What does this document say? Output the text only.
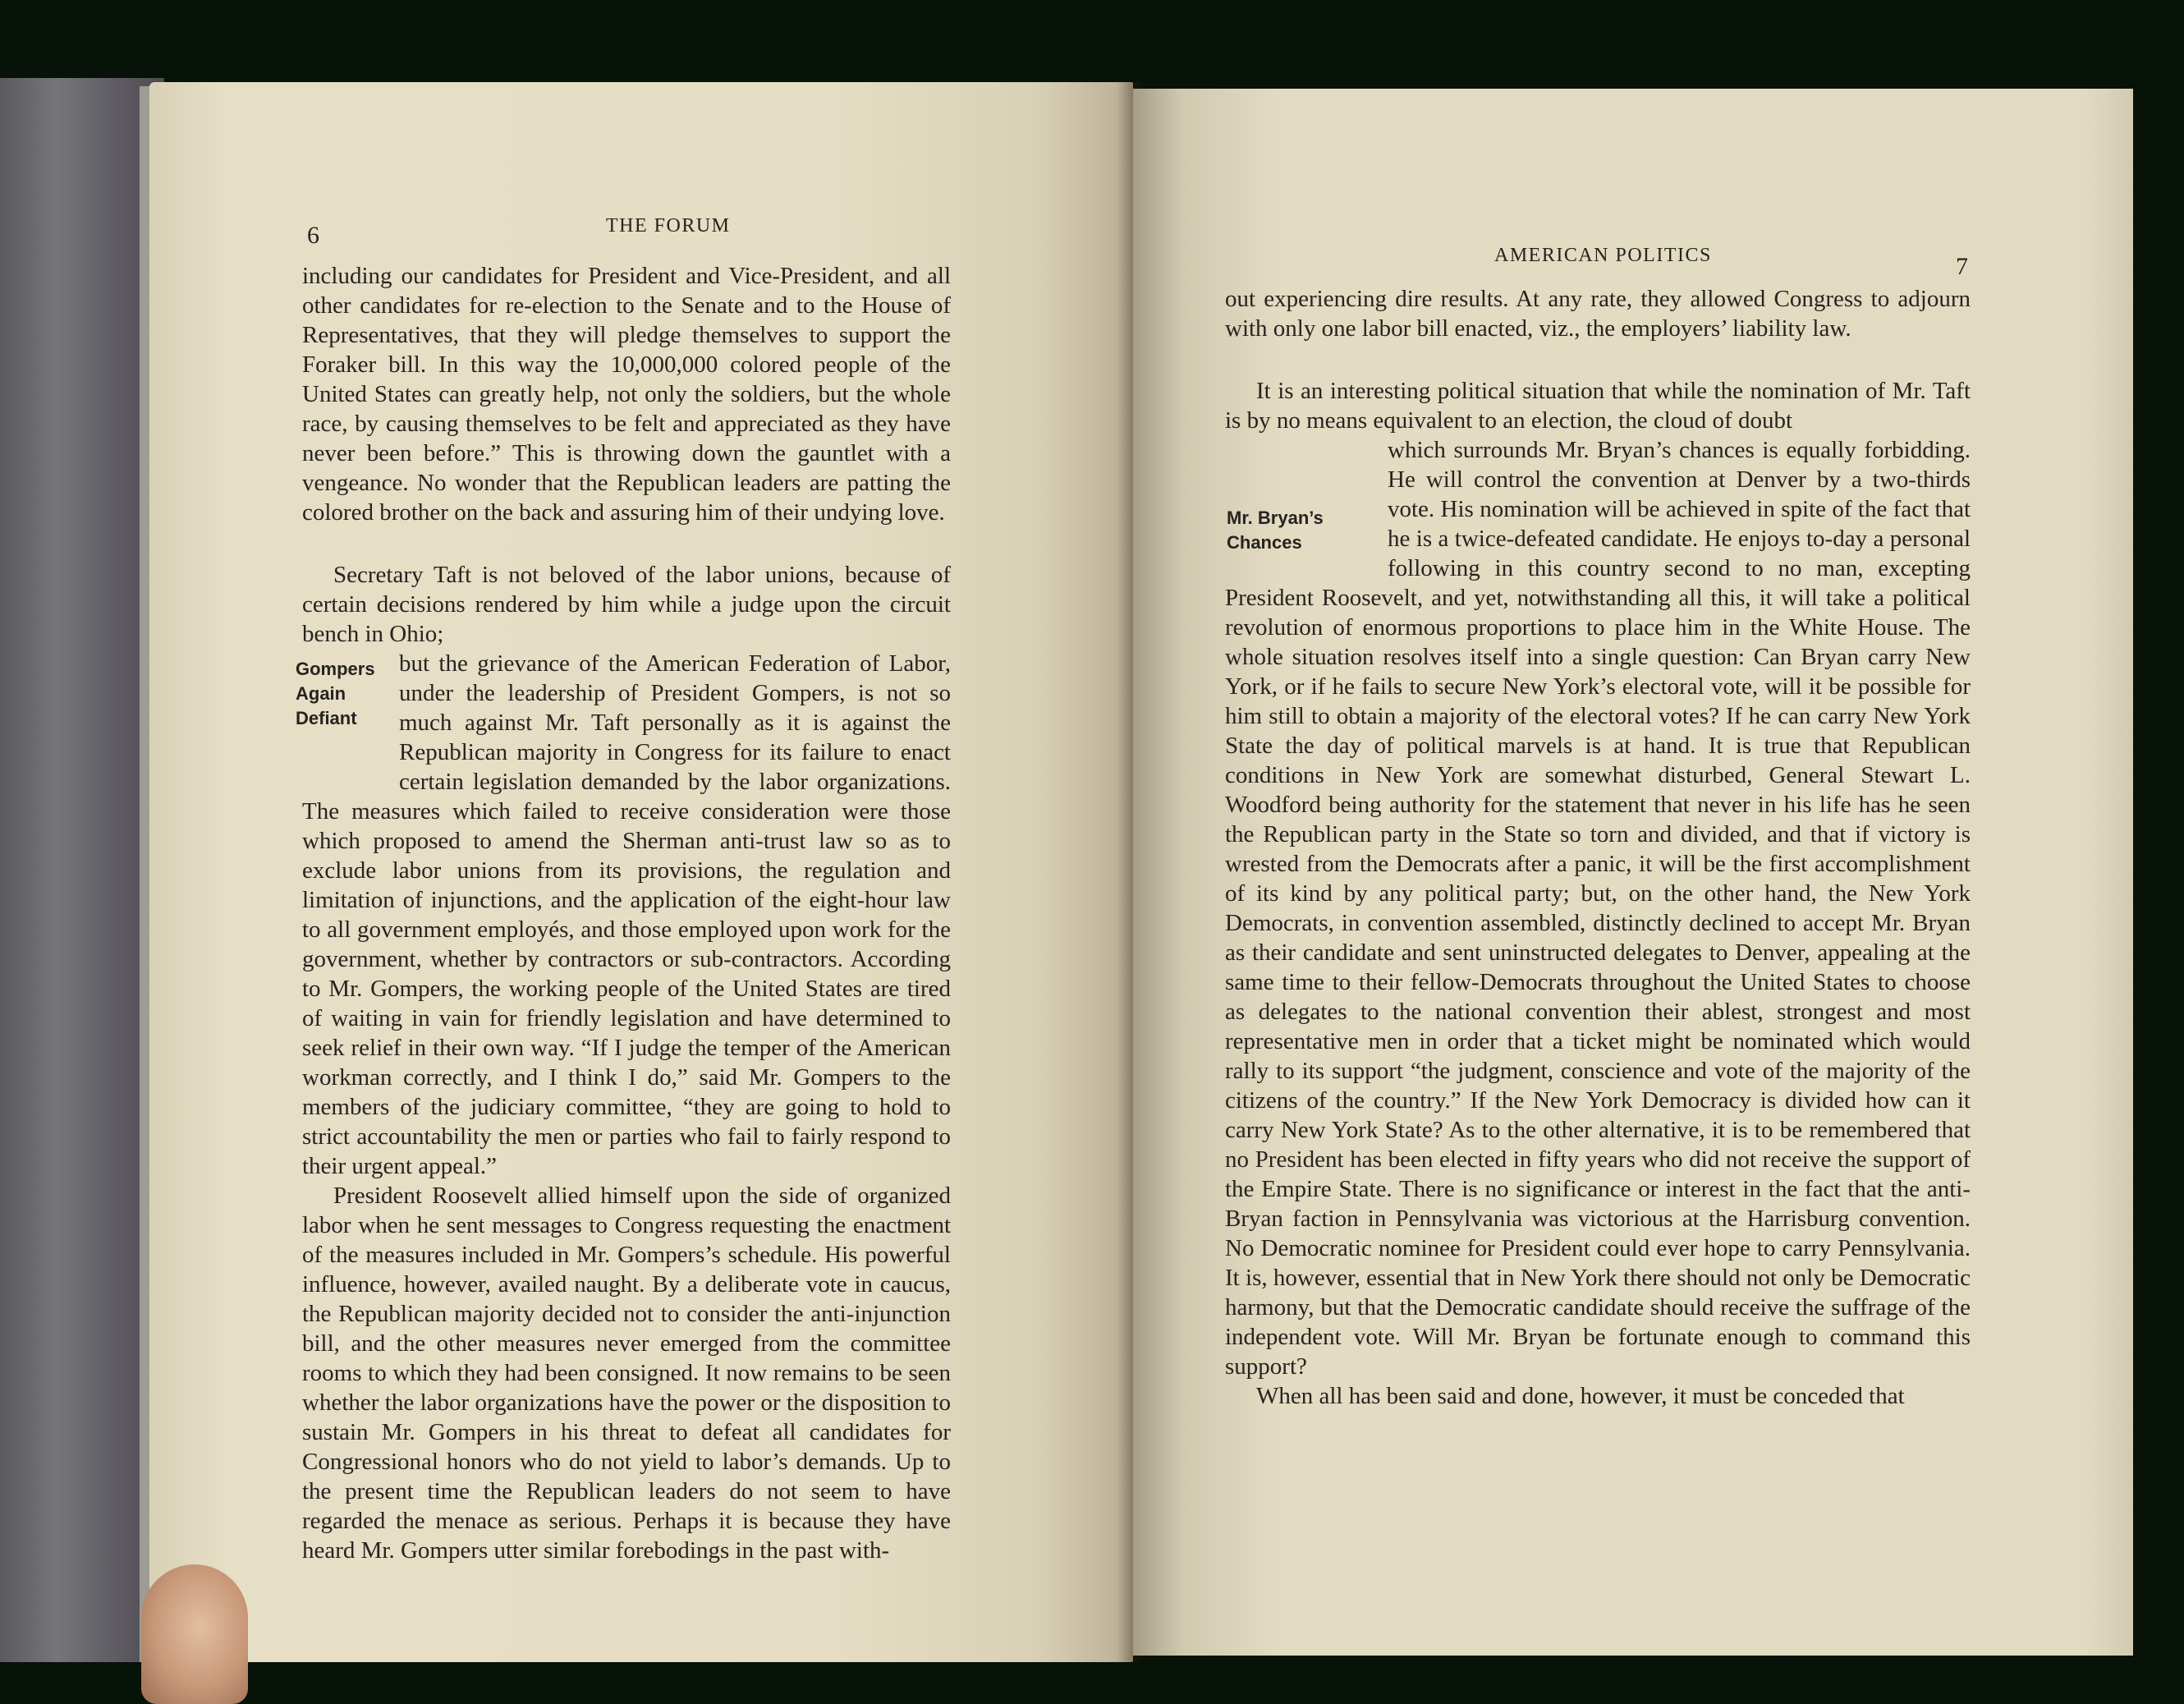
6	THE FORUM

including our candidates for President and Vice-President, and all other candidates for re-election to the Senate and to the House of Representatives, that they will pledge themselves to support the Foraker bill. In this way the 10,000,000 colored people of the United States can greatly help, not only the soldiers, but the whole race, by causing themselves to be felt and appreciated as they have never been before.” This is throwing down the gauntlet with a vengeance. No wonder that the Republican leaders are patting the colored brother on the back and assuring him of their undying love.

Secretary Taft is not beloved of the labor unions, because of certain decisions rendered by him while a judge upon the circuit bench in Ohio;

but the grievance of the American Federation of Labor, under the leadership of President Gompers, is not so much against Mr. Taft personally as it is against the Republican majority in Congress for its failure to enact certain legislation demanded by the labor organizations. The measures which failed to receive consideration were those which proposed to amend the Sherman anti-trust law so as to exclude labor unions from its provisions, the regulation and limitation of injunctions, and the application of the eight-hour law to all government employés, and those employed upon work for the government, whether by contractors or sub-contractors. According to Mr. Gompers, the working people of the United States are tired of waiting in vain for friendly legislation and have determined to seek relief in their own way. “If I judge the temper of the American workman correctly, and I think I do,” said Mr. Gompers to the members of the judiciary committee, “they are going to hold to strict accountability the men or parties who fail to fairly respond to their urgent appeal.”

President Roosevelt allied himself upon the side of organized labor when he sent messages to Congress requesting the enactment of the measures included in Mr. Gompers’s schedule. His powerful influence, however, availed naught. By a deliberate vote in caucus, the Republican majority decided not to consider the anti-injunction bill, and the other measures never emerged from the committee rooms to which they had been consigned. It now remains to be seen whether the labor organizations have the power or the disposition to sustain Mr. Gompers in his threat to defeat all candidates for Congressional honors who do not yield to labor’s demands. Up to the present time the Republican leaders do not seem to have regarded the menace as serious. Perhaps it is because they have heard Mr. Gompers utter similar forebodings in the past with-

Gompers Again Defiant
AMERICAN POLITICS	7

out experiencing dire results. At any rate, they allowed Congress to adjourn with only one labor bill enacted, viz., the employers’ liability law.

It is an interesting political situation that while the nomination of Mr. Taft is by no means equivalent to an election, the cloud of doubt

which surrounds Mr. Bryan’s chances is equally forbidding. He will control the convention at Denver by a two-thirds vote. His nomination will be achieved in spite of the fact that he is a twice-defeated candidate. He enjoys to-day a personal following in this country second to no man, excepting President Roosevelt, and yet, notwithstanding all this, it will take a political revolution of enormous proportions to place him in the White House. The whole situation resolves itself into a single question: Can Bryan carry New York, or if he fails to secure New York’s electoral vote, will it be possible for him still to obtain a majority of the electoral votes? If he can carry New York State the day of political marvels is at hand. It is true that Republican conditions in New York are somewhat disturbed, General Stewart L. Woodford being authority for the statement that never in his life has he seen the Republican party in the State so torn and divided, and that if victory is wrested from the Democrats after a panic, it will be the first accomplishment of its kind by any political party; but, on the other hand, the New York Democrats, in convention assembled, distinctly declined to accept Mr. Bryan as their candidate and sent uninstructed delegates to Denver, appealing at the same time to their fellow-Democrats throughout the United States to choose as delegates to the national convention their ablest, strongest and most representative men in order that a ticket might be nominated which would rally to its support “the judgment, conscience and vote of the majority of the citizens of the country.” If the New York Democracy is divided how can it carry New York State? As to the other alternative, it is to be remembered that no President has been elected in fifty years who did not receive the support of the Empire State. There is no significance or interest in the fact that the anti-Bryan faction in Pennsylvania was victorious at the Harrisburg convention. No Democratic nominee for President could ever hope to carry Pennsylvania. It is, however, essential that in New York there should not only be Democratic harmony, but that the Democratic candidate should receive the suffrage of the independent vote. Will Mr. Bryan be fortunate enough to command this support?

When all has been said and done, however, it must be conceded that

Mr. Bryan’s Chances
